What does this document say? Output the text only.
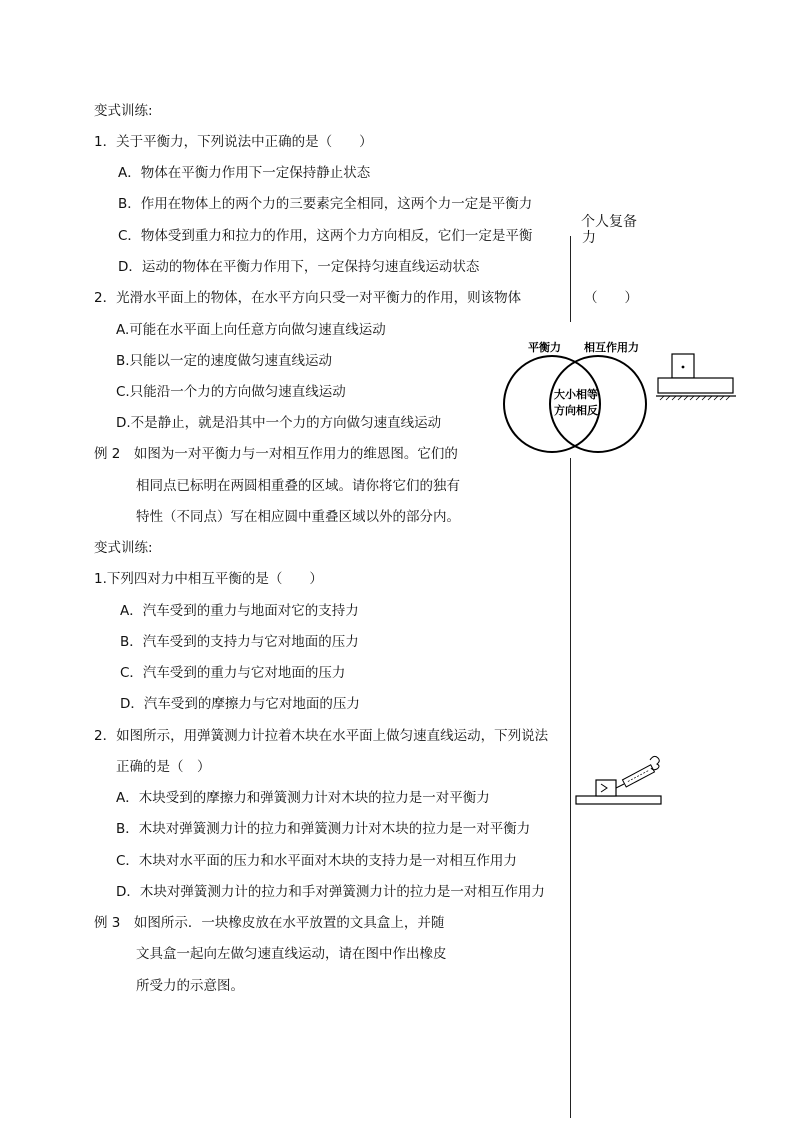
变式训练:
1．关于平衡力，下列说法中正确的是（　　）
A．物体在平衡力作用下一定保持静止状态
B．作用在物体上的两个力的三要素完全相同，这两个力一定是平衡力
C．物体受到重力和拉力的作用，这两个力方向相反，它们一定是平衡
个人复备
力
D．运动的物体在平衡力作用下，一定保持匀速直线运动状态
2．光滑水平面上的物体，在水平方向只受一对平衡力的作用，则该物体	（　　）
A.可能在水平面上向任意方向做匀速直线运动
B.只能以一定的速度做匀速直线运动
C.只能沿一个力的方向做匀速直线运动
D.不是静止，就是沿其中一个力的方向做匀速直线运动
例 2　如图为一对平衡力与一对相互作用力的维恩图。它们的
相同点已标明在两圆相重叠的区域。请你将它们的独有
特性（不同点）写在相应圆中重叠区域以外的部分内。
变式训练:
1.下列四对力中相互平衡的是（　　）
A．汽车受到的重力与地面对它的支持力
B．汽车受到的支持力与它对地面的压力
C．汽车受到的重力与它对地面的压力
D．汽车受到的摩擦力与它对地面的压力
2．如图所示，用弹簧测力计拉着木块在水平面上做匀速直线运动，下列说法
正确的是（　）
A．木块受到的摩擦力和弹簧测力计对木块的拉力是一对平衡力
B．木块对弹簧测力计的拉力和弹簧测力计对木块的拉力是一对平衡力
C．木块对水平面的压力和水平面对木块的支持力是一对相互作用力
D．木块对弹簧测力计的拉力和手对弹簧测力计的拉力是一对相互作用力
例 3　如图所示．一块橡皮放在水平放置的文具盒上，并随
文具盒一起向左做匀速直线运动，请在图中作出橡皮
所受力的示意图。
平衡力 相互作用力
大小相等
方向相反
